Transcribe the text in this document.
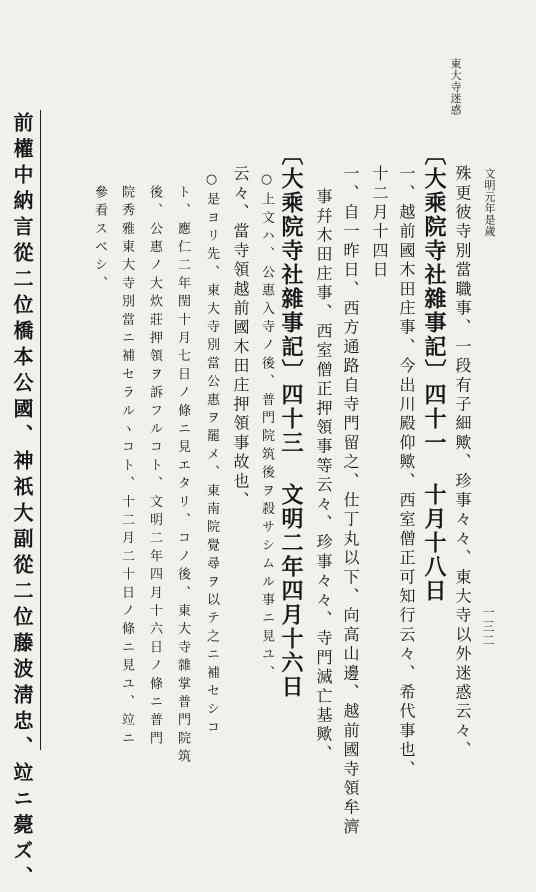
東大寺迷惑
文明元年是歲
一三二
殊更彼寺別當職事、一段有子細歟、珍事々々、東大寺以外迷惑云々、
〔大乘院寺社雜事記〕四十一 十月十八日
一、越前國木田庄事、今出川殿仰歟、西室僧正可知行云々、希代事也、
十二月十四日
一、自一昨日、西方通路自寺門留之、仕丁丸以下、向高山邊、越前國寺領牟濟
事幷木田庄事、西室僧正押領事等云々、珍事々々、寺門滅亡基歟、
〔大乘院寺社雜事記〕四十三 文明二年四月十六日
○上文ハ、公惠入寺ノ後、普門院筑後ヲ殺サシムル事ニ見ユ、
云々、當寺領越前國木田庄押領事故也、
○是ヨリ先、東大寺別當公惠ヲ罷メ、東南院覺尋ヲ以テ之ニ補セシコ
ト、應仁二年閏十月七日ノ條ニ見エタリ、コノ後、東大寺雜掌普門院筑
後、公惠ノ大炊莊押領ヲ訴フルコト、文明二年四月十六日ノ條ニ普門
院秀雅東大寺別當ニ補セラルヽコト、十二月二十日ノ條ニ見ユ、竝ニ
參看スベシ、
前權中納言從二位橋本公國、神祇大副從二位藤波淸忠、竝ニ薨ズ、
